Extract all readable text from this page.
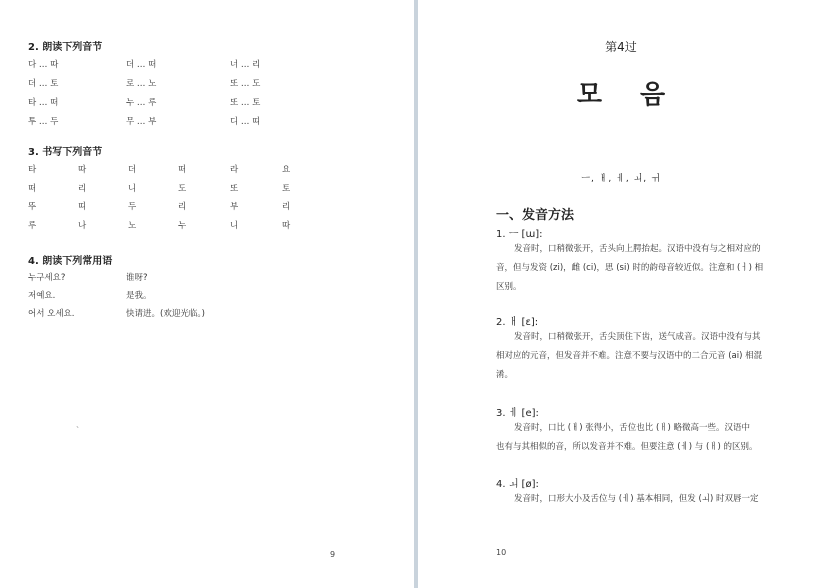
2. 朗读下列音节
다 … 따	더 … 떠	너 … 리
더 … 토	로 … 노	또 … 도
타 … 떠	누 … 루	또 … 토
투 … 두	무 … 부	디 … 띠
3. 书写下列音节
타	따	더	떠	라	요
떠	리	니	도	또	토
뚜	띠	두	리	부	리
루	나	노	누	니	따
4. 朗读下列常用语
누구세요?	谁呀?
저예요.	是我。
어서 오세요.	快请进。(欢迎光临。)
、
9
第4过
모음
ㅡ, ㅐ, ㅔ, ㅚ, ㅟ
一、发音方法
1. ㅡ [ɯ]:
发音时，口稍微张开，舌头向上腭抬起。汉语中没有与之相对应的
音，但与发资 (zi)，雌 (ci)，思 (si) 时的韵母音较近似。注意和 (ㅓ) 相
区别。
2. ㅐ [ɛ]:
发音时，口稍微张开，舌尖顶住下齿，送气成音。汉语中没有与其
相对应的元音，但发音并不难。注意不要与汉语中的二合元音 (ai) 相混
淆。
3. ㅔ [e]:
发音时，口比 (ㅐ) 张得小，舌位也比 (ㅐ) 略微高一些。汉语中
也有与其相似的音，所以发音并不难。但要注意 (ㅔ) 与 (ㅐ) 的区别。
4. ㅚ [ø]:
发音时，口形大小及舌位与 (ㅔ) 基本相同，但发 (ㅚ) 时双唇一定
10
